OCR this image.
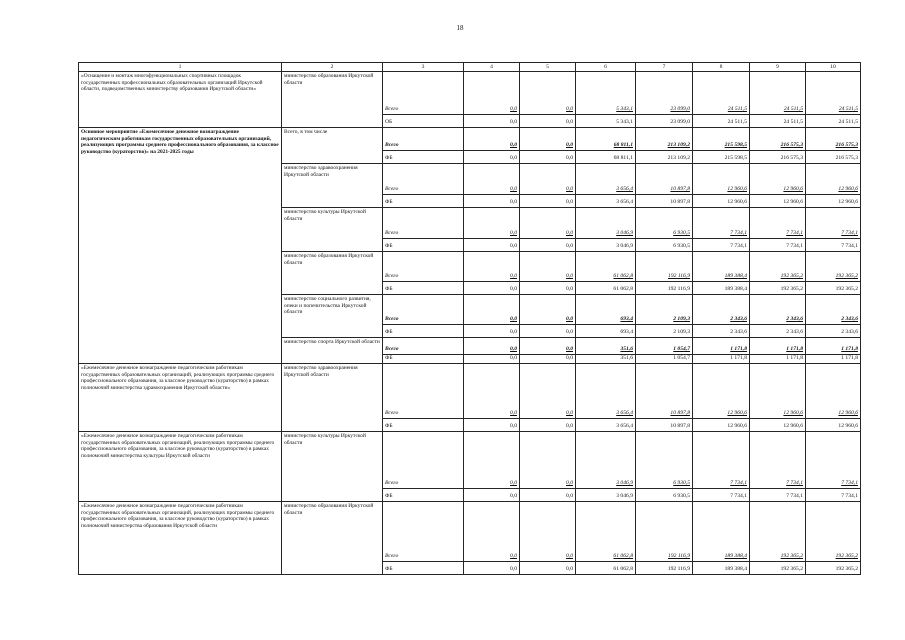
18
1	2	3	4	5	6	7	8	9	10
«Оснащение и монтаж многофункциональных спортивных площадок государственных профессиональных образовательных организаций Иркутской области, подведомственных министерству образования Иркутской области»	министерство образования Иркутской области	Всего	0,0	0,0	5 343,1	23 099,0	24 511,5	24 511,5	24 511,5
		ОБ	0,0	0,0	5 343,1	23 099,0	24 511,5	24 511,5	24 511,5
Основное мероприятие «Ежемесячное денежное вознаграждение педагогическим работникам государственных образовательных организаций, реализующих программы среднего профессионального образования, за классное руководство (кураторство)» на 2021-2025 годы	Всего, в том числе	Всего	0,0	0,0	68 811,1	213 109,2	215 598,5	216 575,3	216 575,3
		ФБ	0,0	0,0	68 811,1	213 109,2	215 598,5	216 575,3	216 575,3
	министерство здравоохранения Иркутской области	Всего	0,0	0,0	3 656,4	10 897,8	12 960,6	12 960,6	12 960,6
		ФБ	0,0	0,0	3 656,4	10 897,8	12 960,6	12 960,6	12 960,6
	министерство культуры Иркутской области	Всего	0,0	0,0	3 046,9	6 930,5	7 734,1	7 734,1	7 734,1
		ФБ	0,0	0,0	3 046,9	6 930,5	7 734,1	7 734,1	7 734,1
	министерство образования Иркутской области	Всего	0,0	0,0	61 062,8	192 116,9	189 388,4	192 365,2	192 365,2
		ФБ	0,0	0,0	61 062,8	192 116,9	189 388,4	192 365,2	192 365,2
	министерство социального развития, опеки и попечительства Иркутской области	Всего	0,0	0,0	693,4	2 109,3	2 343,6	2 343,6	2 343,6
		ФБ	0,0	0,0	693,4	2 109,3	2 343,6	2 343,6	2 343,6
	министерство спорта Иркутской области	Всего	0,0	0,0	351,6	1 054,7	1 171,8	1 171,8	1 171,8
		ФБ	0,0	0,0	351,6	1 054,7	1 171,8	1 171,8	1 171,8
«Ежемесячное денежное вознаграждение педагогическим работникам государственных образовательных организаций, реализующих программы среднего профессионального образования, за классное руководство (кураторство) в рамках полномочий министерства здравоохранения Иркутской области»	министерство здравоохранения Иркутской области	Всего	0,0	0,0	3 656,4	10 897,8	12 960,6	12 960,6	12 960,6
		ФБ	0,0	0,0	3 656,4	10 897,8	12 960,6	12 960,6	12 960,6
«Ежемесячное денежное вознаграждение педагогическим работникам государственных образовательных организаций, реализующих программы среднего профессионального образования, за классное руководство (кураторство) в рамках полномочий министерства культуры Иркутской области	министерство культуры Иркутской области	Всего	0,0	0,0	3 046,9	6 930,5	7 734,1	7 734,1	7 734,1
		ФБ	0,0	0,0	3 046,9	6 930,5	7 734,1	7 734,1	7 734,1
«Ежемесячное денежное вознаграждение педагогическим работникам государственных образовательных организаций, реализующих программы среднего профессионального образования, за классное руководство (кураторство) в рамках полномочий министерства образования Иркутской области	министерство образования Иркутской области	Всего	0,0	0,0	61 062,8	192 116,9	189 388,4	192 365,2	192 365,2
		ФБ	0,0	0,0	61 062,8	192 116,9	189 388,4	192 365,2	192 365,2
